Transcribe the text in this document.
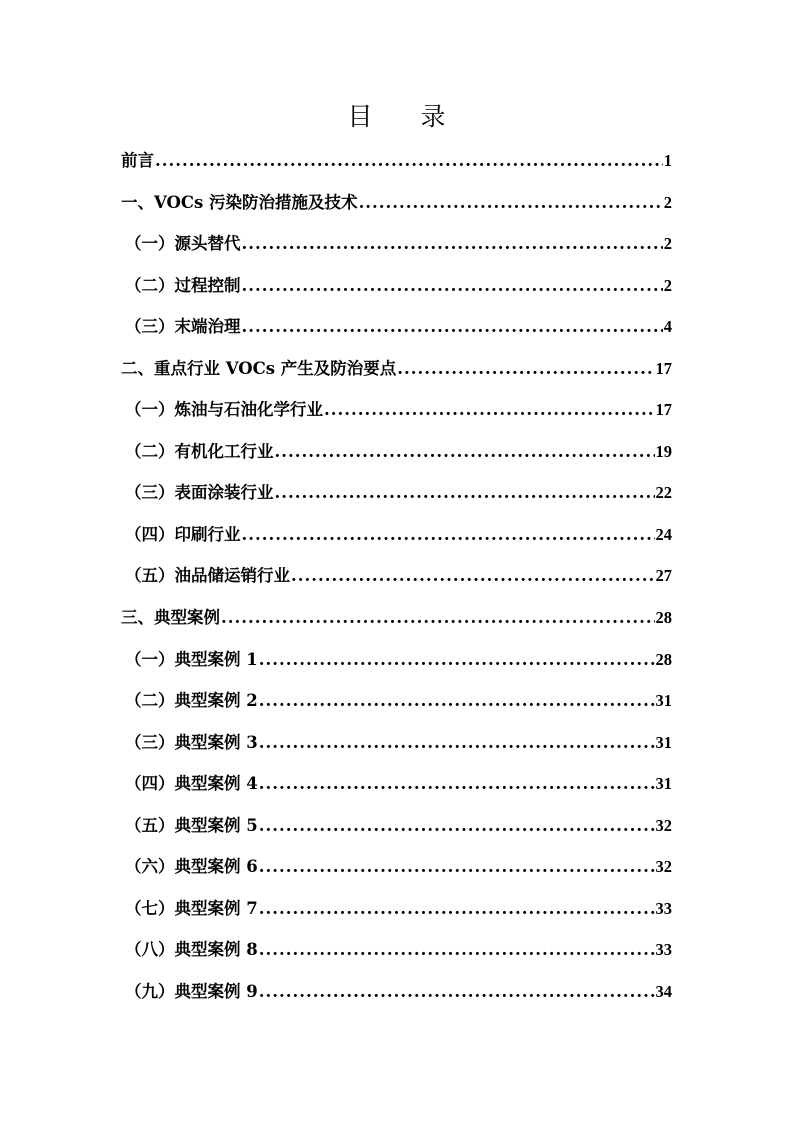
目 录
前言 .....	1
一、VOCs 污染防治措施及技术 .....	2
（一）源头替代 .....	2
（二）过程控制 .....	2
（三）末端治理 .....	4
二、重点行业 VOCs 产生及防治要点 .....	17
（一）炼油与石油化学行业 .....	17
（二）有机化工行业 .....	19
（三）表面涂装行业 .....	22
（四）印刷行业 .....	24
（五）油品储运销行业 .....	27
三、典型案例 .....	28
（一）典型案例 1 .....	28
（二）典型案例 2 .....	31
（三）典型案例 3 .....	31
（四）典型案例 4 .....	31
（五）典型案例 5 .....	32
（六）典型案例 6 .....	32
（七）典型案例 7 .....	33
（八）典型案例 8 .....	33
（九）典型案例 9 .....	34
